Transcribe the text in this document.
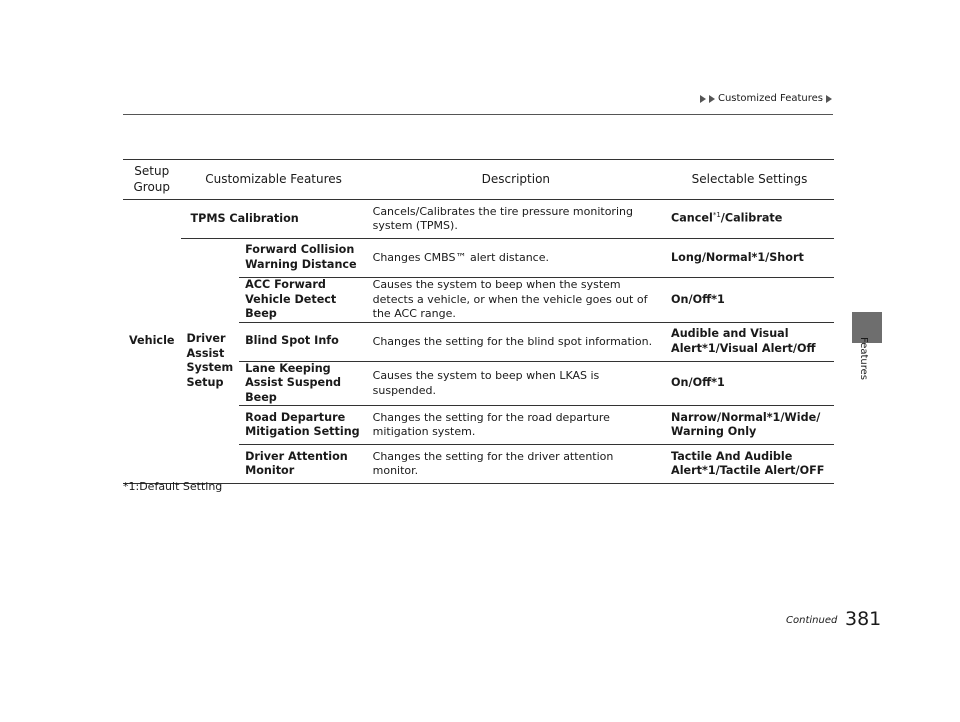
Customized Features
Features
Setup Group	Customizable Features		Description	Selectable Settings
Vehicle	TPMS Calibration		Cancels/Calibrates the tire pressure monitoring system (TPMS).	Cancel$^{*1}$/Calibrate
	Driver Assist System Setup	Forward Collision Warning Distance	Changes CMBS™ alert distance.	Long/Normal*1/Short
		ACC Forward Vehicle Detect Beep	Causes the system to beep when the system detects a vehicle, or when the vehicle goes out of the ACC range.	On/Off*1
		Blind Spot Info	Changes the setting for the blind spot information.	Audible and Visual Alert*1/Visual Alert/Off
		Lane Keeping Assist Suspend Beep	Causes the system to beep when LKAS is suspended.	On/Off*1
		Road Departure Mitigation Setting	Changes the setting for the road departure mitigation system.	Narrow/Normal*1/Wide/ Warning Only
		Driver Attention Monitor	Changes the setting for the driver attention monitor.	Tactile And Audible Alert*1/Tactile Alert/OFF
*1:Default Setting
Continued 381
